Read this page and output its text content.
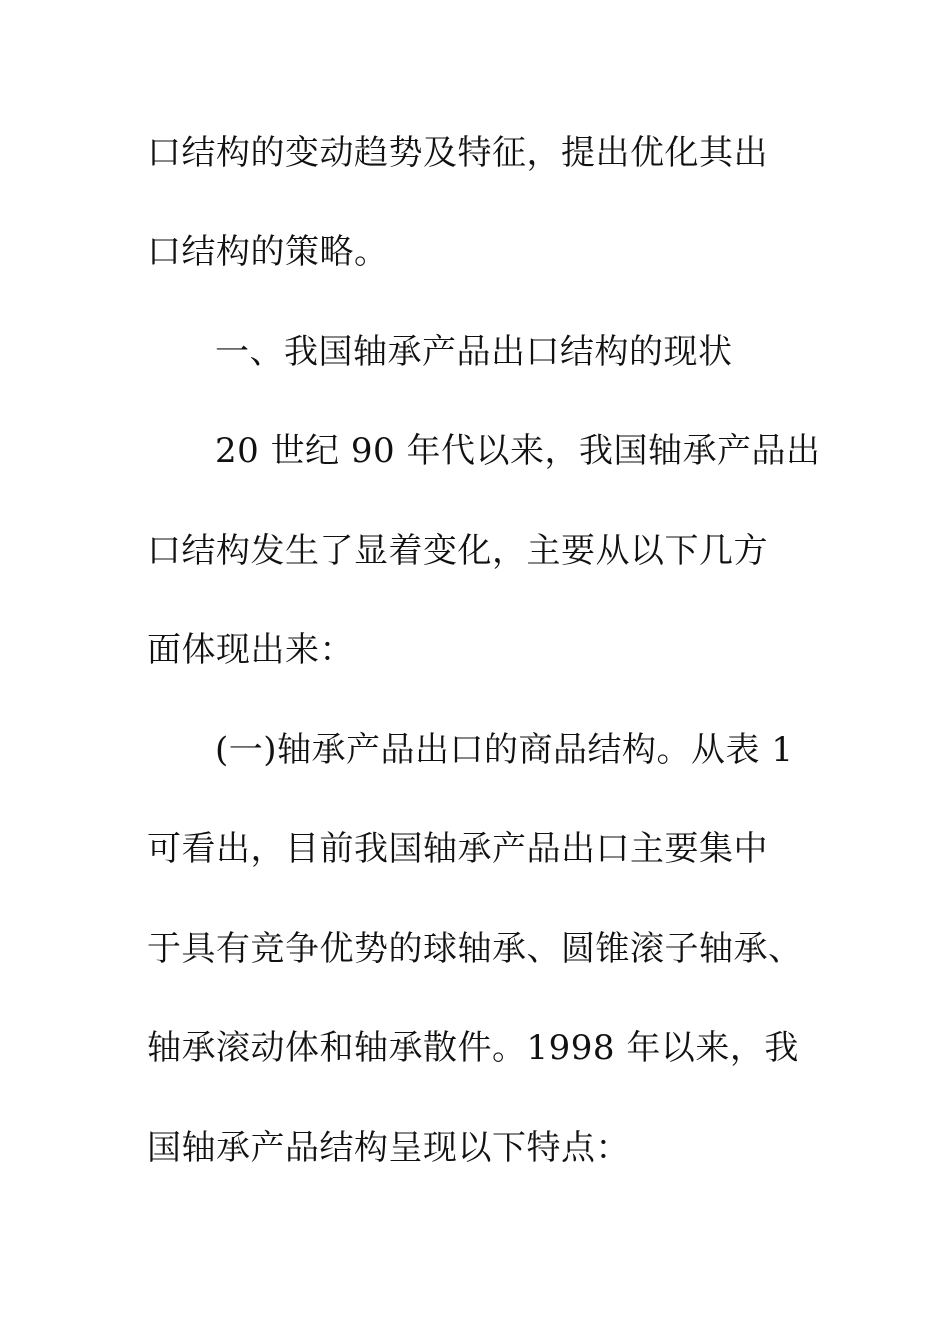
口结构的变动趋势及特征，提出优化其出
口结构的策略。
一、我国轴承产品出口结构的现状
20 世纪 90 年代以来，我国轴承产品出
口结构发生了显着变化，主要从以下几方
面体现出来：
(一)轴承产品出口的商品结构。从表 1
可看出，目前我国轴承产品出口主要集中
于具有竞争优势的球轴承、圆锥滚子轴承、
轴承滚动体和轴承散件。1998 年以来，我
国轴承产品结构呈现以下特点：
